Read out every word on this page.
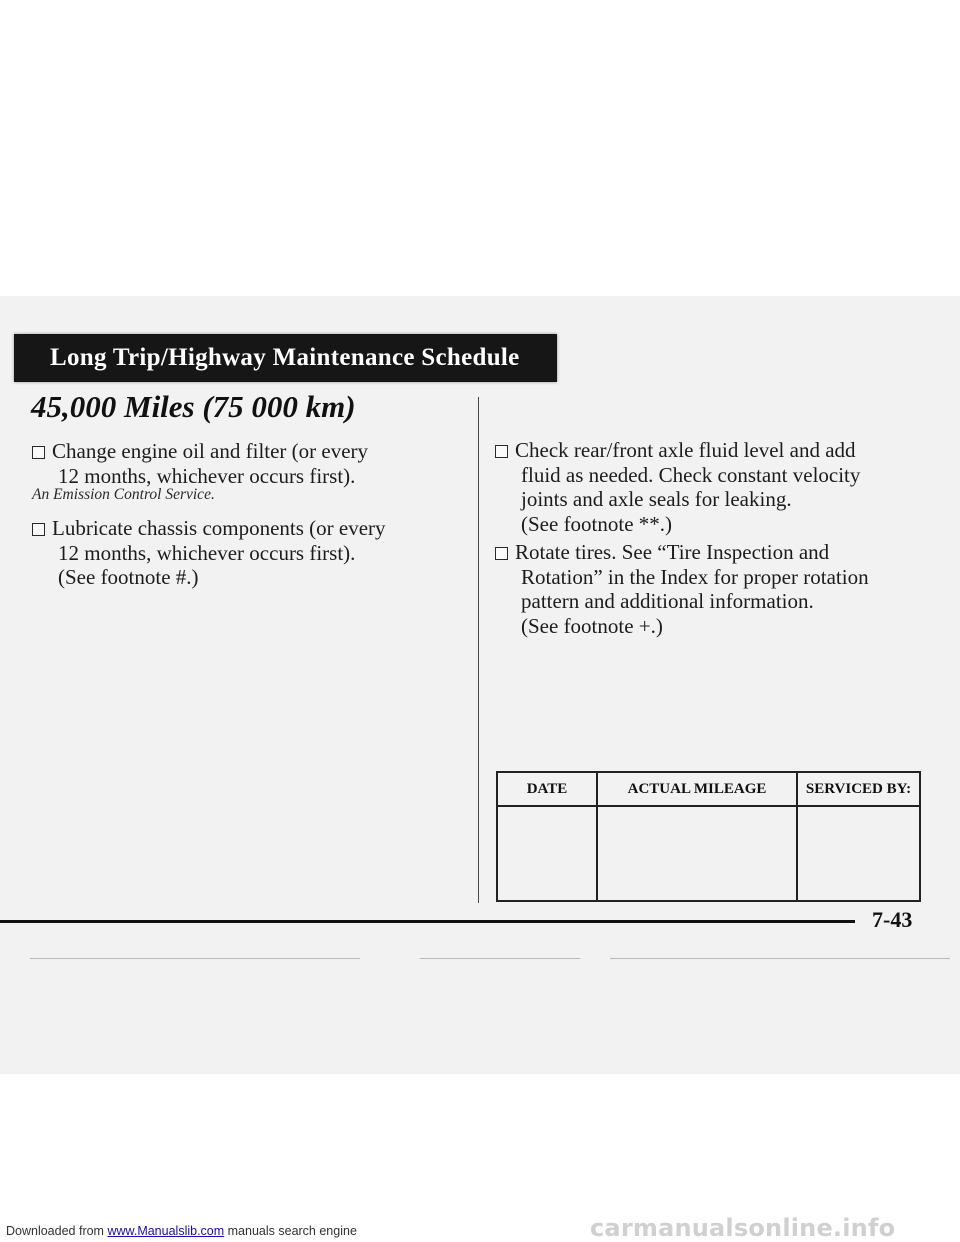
Long Trip/Highway Maintenance Schedule
45,000 Miles (75 000 km)
Change engine oil and filter (or every
12 months, whichever occurs first).
An Emission Control Service.
Lubricate chassis components (or every
12 months, whichever occurs first).
(See footnote #.)
Check rear/front axle fluid level and add
fluid as needed. Check constant velocity
joints and axle seals for leaking.
(See footnote **.)
Rotate tires. See “Tire Inspection and
Rotation” in the Index for proper rotation
pattern and additional information.
(See footnote +.)
DATE	ACTUAL MILEAGE	SERVICED BY:

7-43
Downloaded from www.Manualslib.com manuals search engine	carmanualsonline.info
